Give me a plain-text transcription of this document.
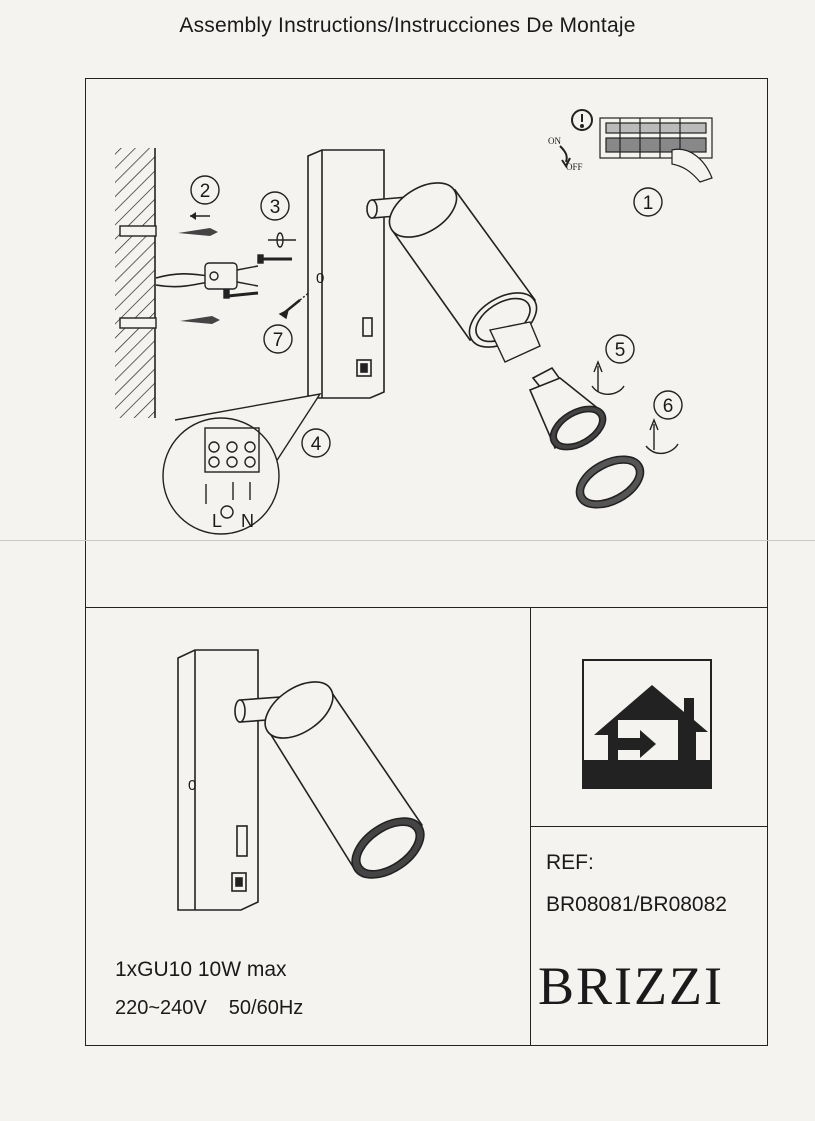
Assembly Instructions/Instrucciones De Montaje
1
2
3
4
5
6
7
ON
OFF
L N
0
0
REF:
BR08081/BR08082
BRIZZI
1xGU10 10W max
220~240V 50/60Hz
